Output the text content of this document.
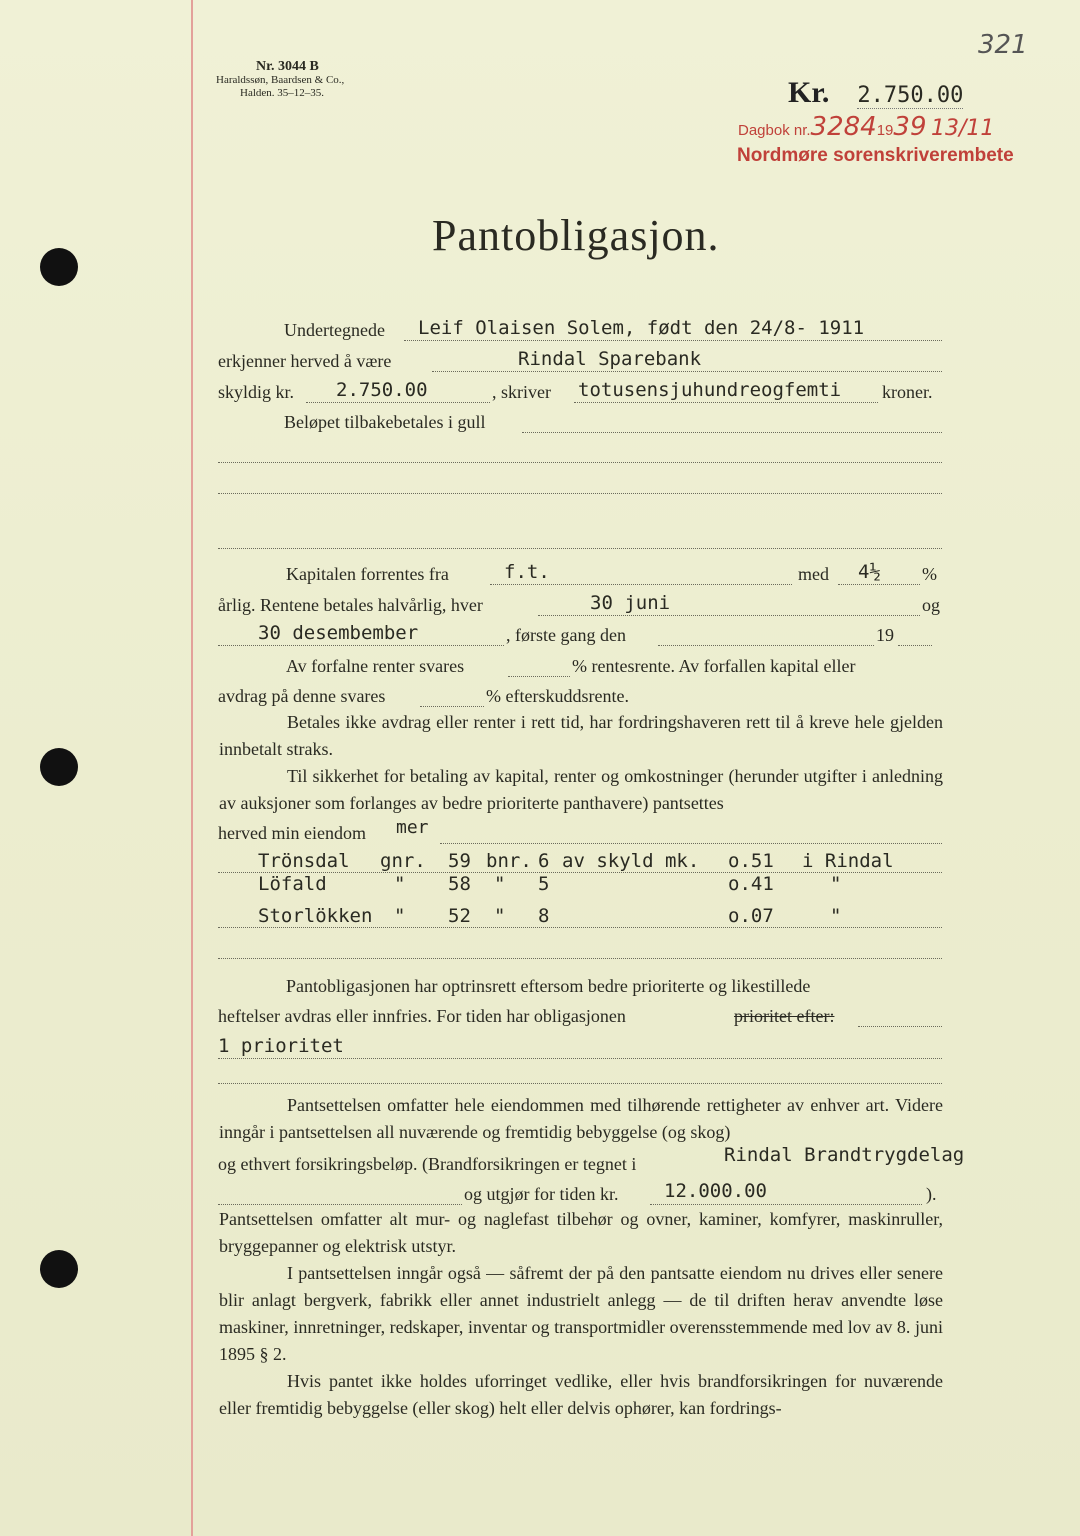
Nr. 3044 B
Haraldssøn, Baardsen & Co.,
Halden. 35–12–35.
321
Kr. 2.750.00
Dagbok nr.32841939 13/11
Nordmøre sorenskriverembete
Pantobligasjon.
Undertegnede Leif Olaisen Solem, født den 24/8- 1911
erkjenner herved å være	Rindal Sparebank
skyldig kr. 2.750.00	, skriver totusensjuhundreogfemti kroner.
Beløpet tilbakebetales i gull
Kapitalen forrentes fra	f.t.	med 4½ %
årlig. Rentene betales halvårlig, hver	30 juni	og
30 desembember	, første gang den	19
Av forfalne renter svares	% rentesrente. Av forfallen kapital eller
avdrag på denne svares	% efterskuddsrente.
Betales ikke avdrag eller renter i rett tid, har fordringshaveren rett til å kreve hele gjelden innbetalt straks.
Til sikkerhet for betaling av kapital, renter og omkostninger (herunder utgifter i anledning av auksjoner som forlanges av bedre prioriterte panthavere) pantsettes
herved min eiendom mer
Trönsdal gnr. 59 bnr. 6 av skyld mk. o.51 i Rindal
Löfald	" 58 " 5	o.41	"
Storlökken " 52 " 8	o.07	"
Pantobligasjonen har optrinsrett eftersom bedre prioriterte og likestillede
heftelser avdras eller innfries. For tiden har obligasjonen	prioritet efter:
1 prioritet
Pantsettelsen omfatter hele eiendommen med tilhørende rettigheter av enhver art. Videre inngår i pantsettelsen all nuværende og fremtidig bebyggelse (og skog)
og ethvert forsikringsbeløp. (Brandforsikringen er tegnet i	Rindal Brandtrygdelag
og utgjør for tiden kr. 12.000.00	).
Pantsettelsen omfatter alt mur- og naglefast tilbehør og ovner, kaminer, komfyrer, maskinruller, bryggepanner og elektrisk utstyr.
I pantsettelsen inngår også — såfremt der på den pantsatte eiendom nu drives eller senere blir anlagt bergverk, fabrikk eller annet industrielt anlegg — de til driften herav anvendte løse maskiner, innretninger, redskaper, inventar og transportmidler overensstemmende med lov av 8. juni 1895 § 2.
Hvis pantet ikke holdes uforringet vedlike, eller hvis brandforsikringen for nuværende eller fremtidig bebyggelse (eller skog) helt eller delvis ophører, kan fordrings-
